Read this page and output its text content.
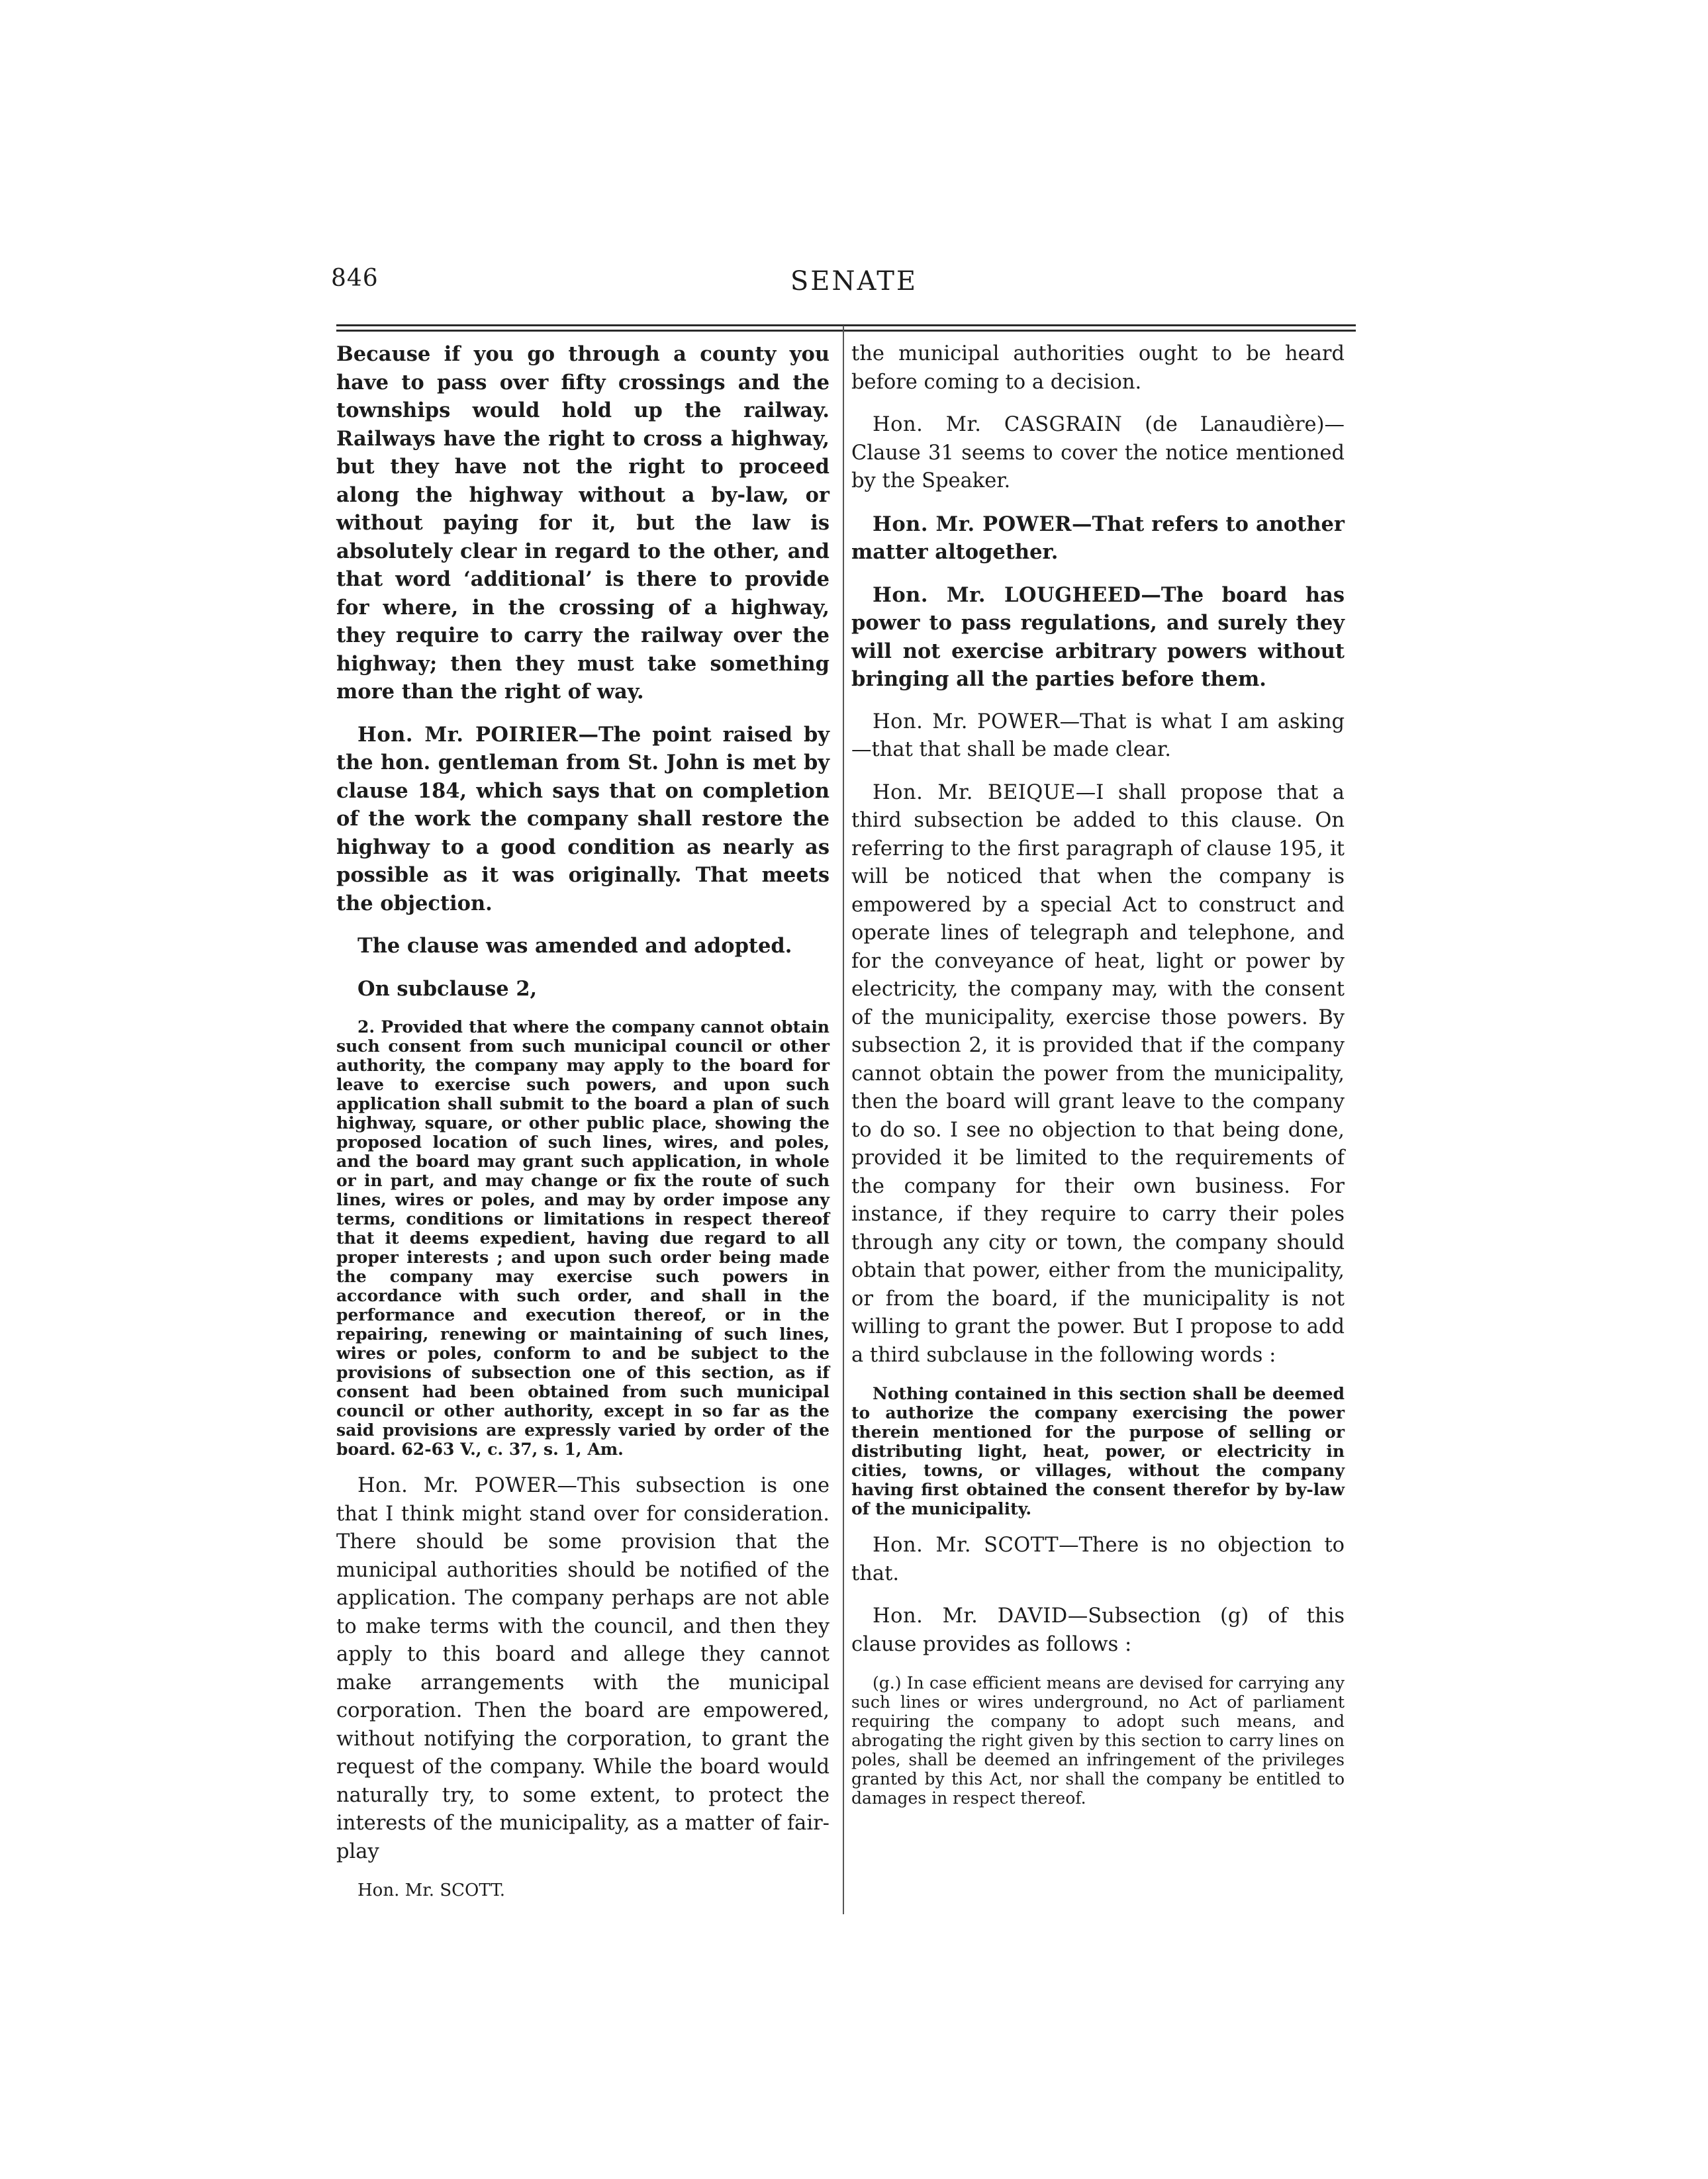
846	SENATE

Because if you go through a county you have to pass over fifty crossings and the townships would hold up the railway. Railways have the right to cross a highway, but they have not the right to proceed along the highway without a by-law, or without paying for it, but the law is absolutely clear in regard to the other, and that word ‘additional’ is there to provide for where, in the crossing of a highway, they require to carry the railway over the highway; then they must take something more than the right of way.

Hon. Mr. POIRIER—The point raised by the hon. gentleman from St. John is met by clause 184, which says that on completion of the work the company shall restore the highway to a good condition as nearly as possible as it was originally. That meets the objection.

The clause was amended and adopted.

On subclause 2,

2. Provided that where the company cannot obtain such consent from such municipal council or other authority, the company may apply to the board for leave to exercise such powers, and upon such application shall submit to the board a plan of such highway, square, or other public place, showing the proposed location of such lines, wires, and poles, and the board may grant such application, in whole or in part, and may change or fix the route of such lines, wires or poles, and may by order impose any terms, conditions or limitations in respect thereof that it deems expedient, having due regard to all proper interests ; and upon such order being made the company may exercise such powers in accordance with such order, and shall in the performance and execution thereof, or in the repairing, renewing or maintaining of such lines, wires or poles, conform to and be subject to the provisions of subsection one of this section, as if consent had been obtained from such municipal council or other authority, except in so far as the said provisions are expressly varied by order of the board. 62-63 V., c. 37, s. 1, Am.

Hon. Mr. POWER—This subsection is one that I think might stand over for consideration. There should be some provision that the municipal authorities should be notified of the application. The company perhaps are not able to make terms with the council, and then they apply to this board and allege they cannot make arrangements with the municipal corporation. Then the board are empowered, without notifying the corporation, to grant the request of the company. While the board would naturally try, to some extent, to protect the interests of the municipality, as a matter of fair-play

Hon. Mr. SCOTT.

the municipal authorities ought to be heard before coming to a decision.

Hon. Mr. CASGRAIN (de Lanaudière)—Clause 31 seems to cover the notice mentioned by the Speaker.

Hon. Mr. POWER—That refers to another matter altogether.

Hon. Mr. LOUGHEED—The board has power to pass regulations, and surely they will not exercise arbitrary powers without bringing all the parties before them.

Hon. Mr. POWER—That is what I am asking—that that shall be made clear.

Hon. Mr. BEIQUE—I shall propose that a third subsection be added to this clause. On referring to the first paragraph of clause 195, it will be noticed that when the company is empowered by a special Act to construct and operate lines of telegraph and telephone, and for the conveyance of heat, light or power by electricity, the company may, with the consent of the municipality, exercise those powers. By subsection 2, it is provided that if the company cannot obtain the power from the municipality, then the board will grant leave to the company to do so. I see no objection to that being done, provided it be limited to the requirements of the company for their own business. For instance, if they require to carry their poles through any city or town, the company should obtain that power, either from the municipality, or from the board, if the municipality is not willing to grant the power. But I propose to add a third subclause in the following words :

Nothing contained in this section shall be deemed to authorize the company exercising the power therein mentioned for the purpose of selling or distributing light, heat, power, or electricity in cities, towns, or villages, without the company having first obtained the consent therefor by by-law of the municipality.

Hon. Mr. SCOTT—There is no objection to that.

Hon. Mr. DAVID—Subsection (g) of this clause provides as follows :

(g.) In case efficient means are devised for carrying any such lines or wires underground, no Act of parliament requiring the company to adopt such means, and abrogating the right given by this section to carry lines on poles, shall be deemed an infringement of the privileges granted by this Act, nor shall the company be entitled to damages in respect thereof.
